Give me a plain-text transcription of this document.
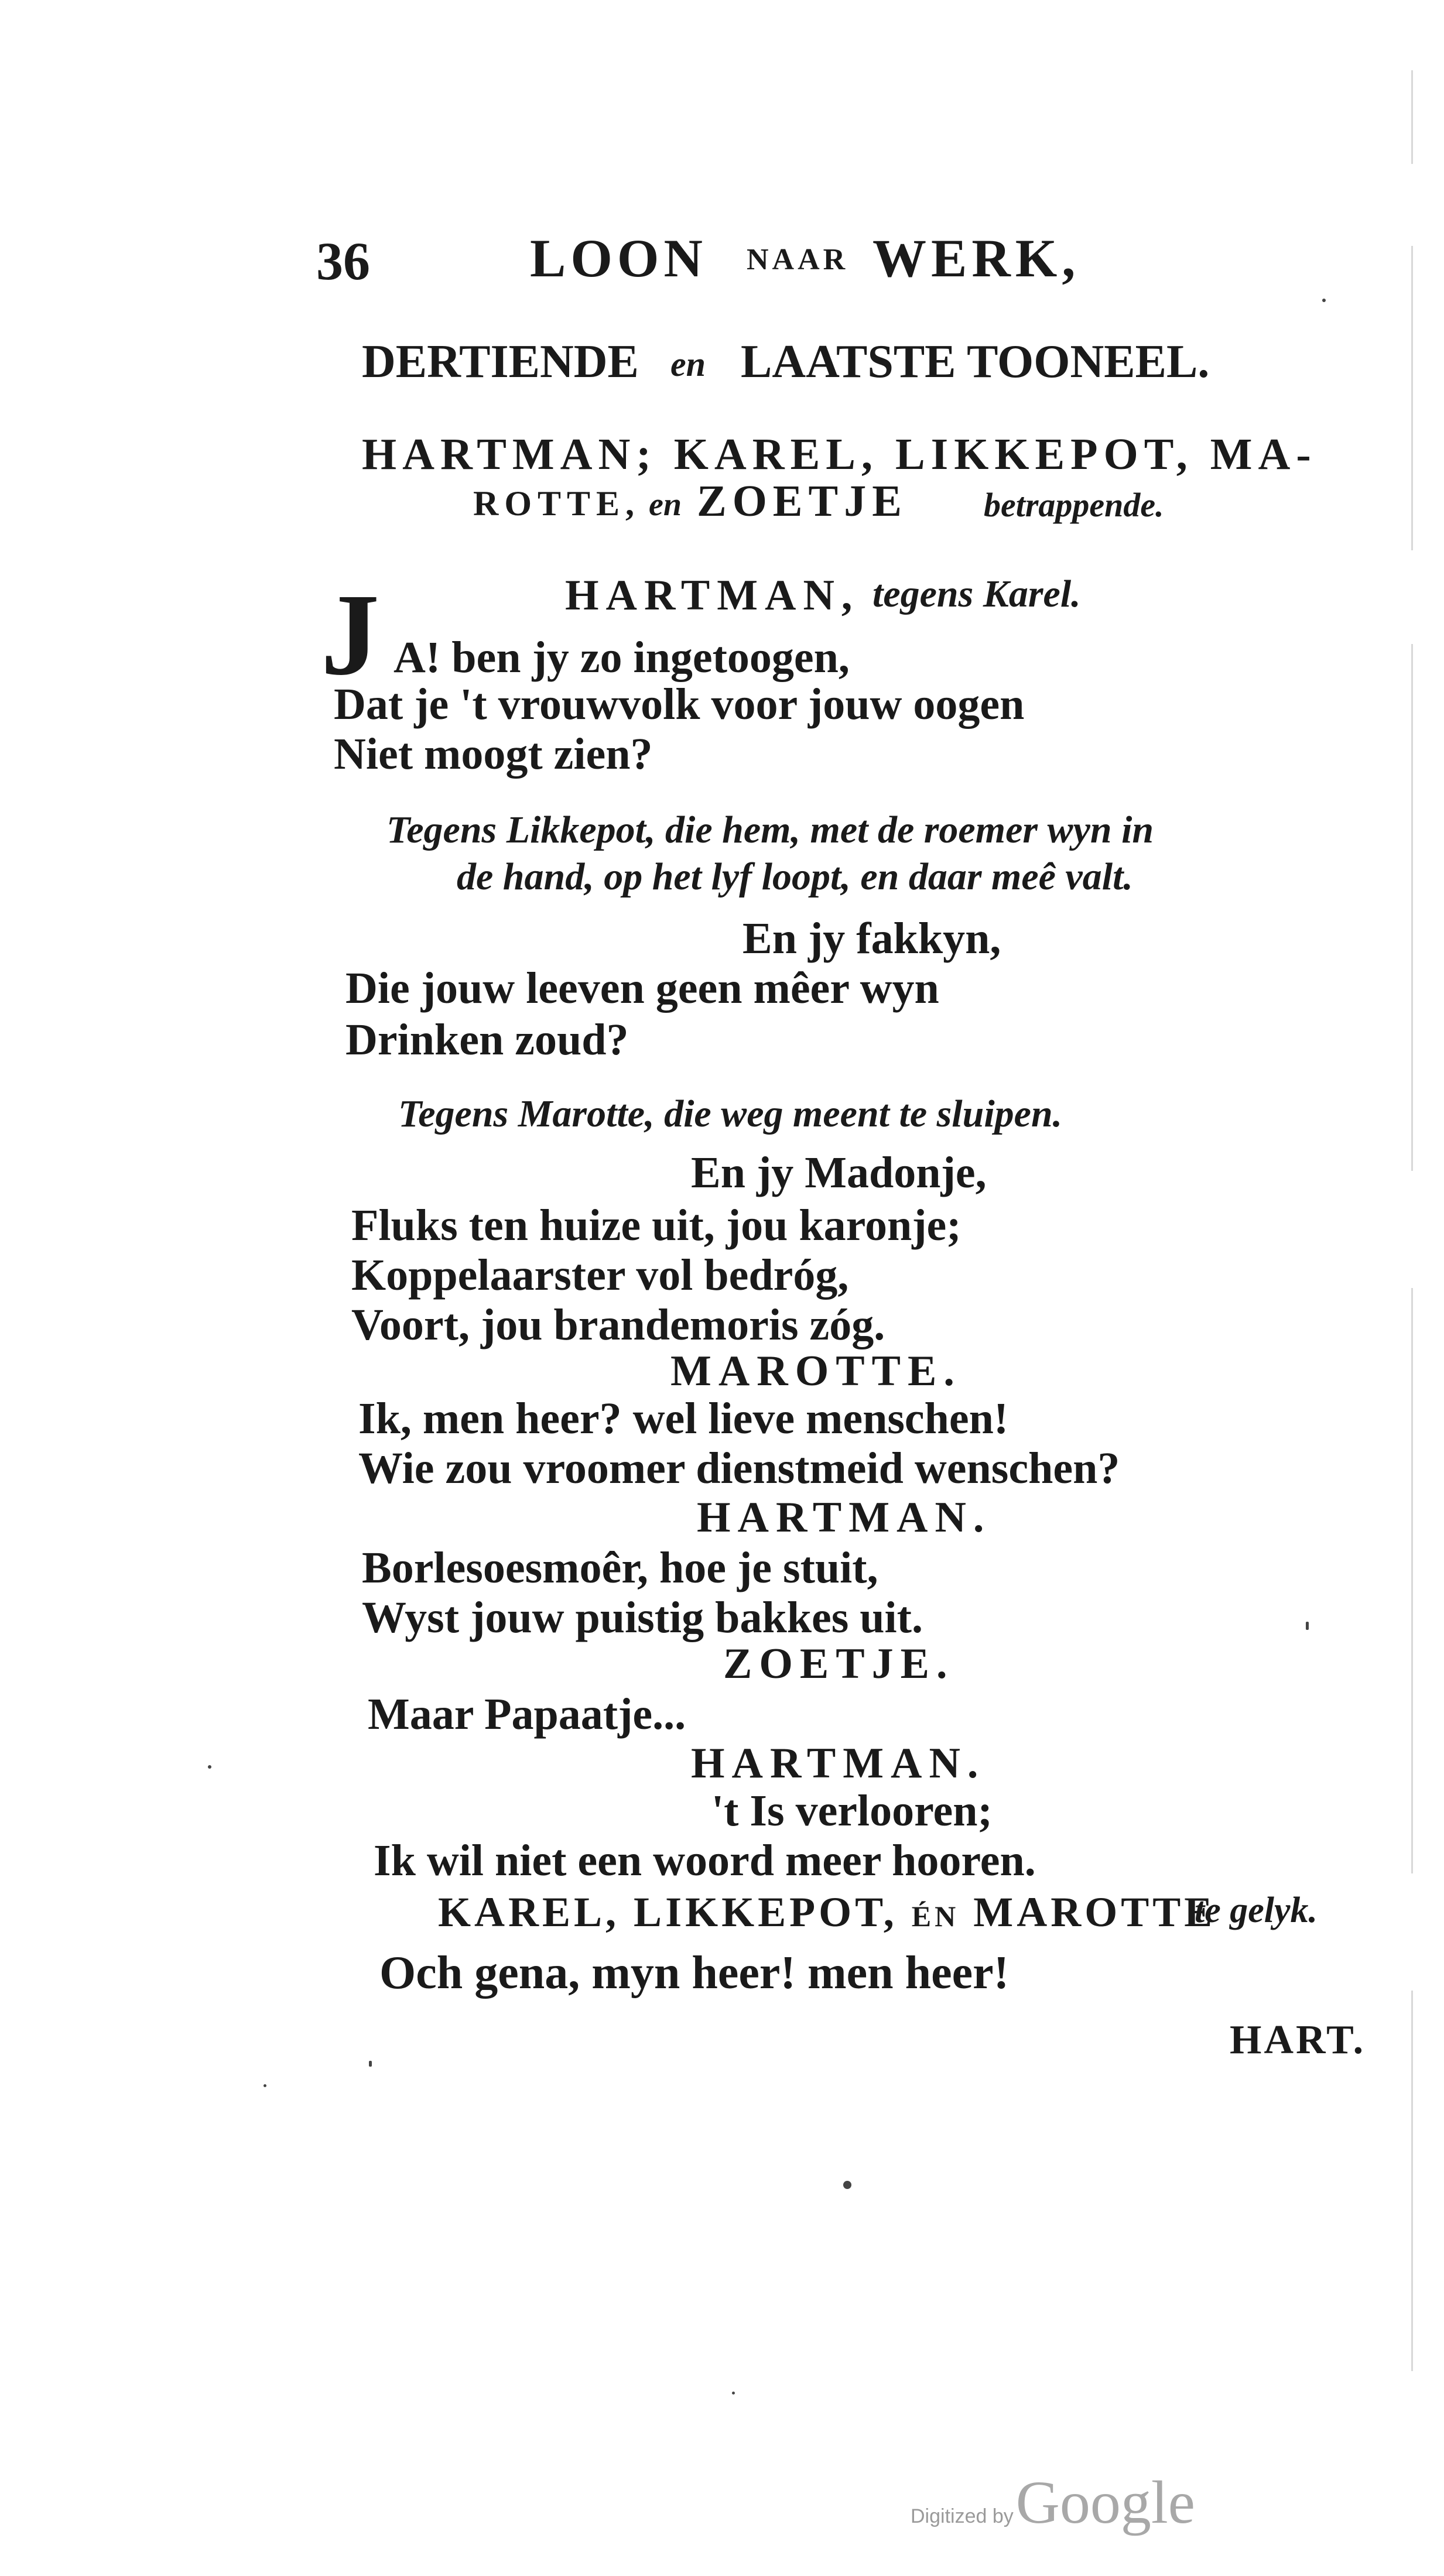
36	LOON NAAR WERK,
DERTIENDE en LAATSTE TOONEEL.
HARTMAN; KAREL, LIKKEPOT, MA-
ROTTE, en ZOETJE betrappende.
HARTMAN, tegens Karel.
J A! ben jy zo ingetoogen,
Dat je 't vrouwvolk voor jouw oogen
Niet moogt zien?
Tegens Likkepot, die hem, met de roemer wyn in
de hand, op het lyf loopt, en daar meê valt.
En jy fakkyn,
Die jouw leeven geen mêer wyn
Drinken zoud?
Tegens Marotte, die weg meent te sluipen.
En jy Madonje,
Fluks ten huize uit, jou karonje;
Koppelaarster vol bedróg,
Voort, jou brandemoris zóg.
MAROTTE.
Ik, men heer? wel lieve menschen!
Wie zou vroomer dienstmeid wenschen?
HARTMAN.
Borlesoesmoêr, hoe je stuit,
Wyst jouw puistig bakkes uit.
ZOETJE.
Maar Papaatje...
HARTMAN.
't Is verlooren;
Ik wil niet een woord meer hooren.
KAREL, LIKKEPOT, én MAROTTE
te gelyk.
Och gena, myn heer! men heer!
HART.
Digitized by Google
